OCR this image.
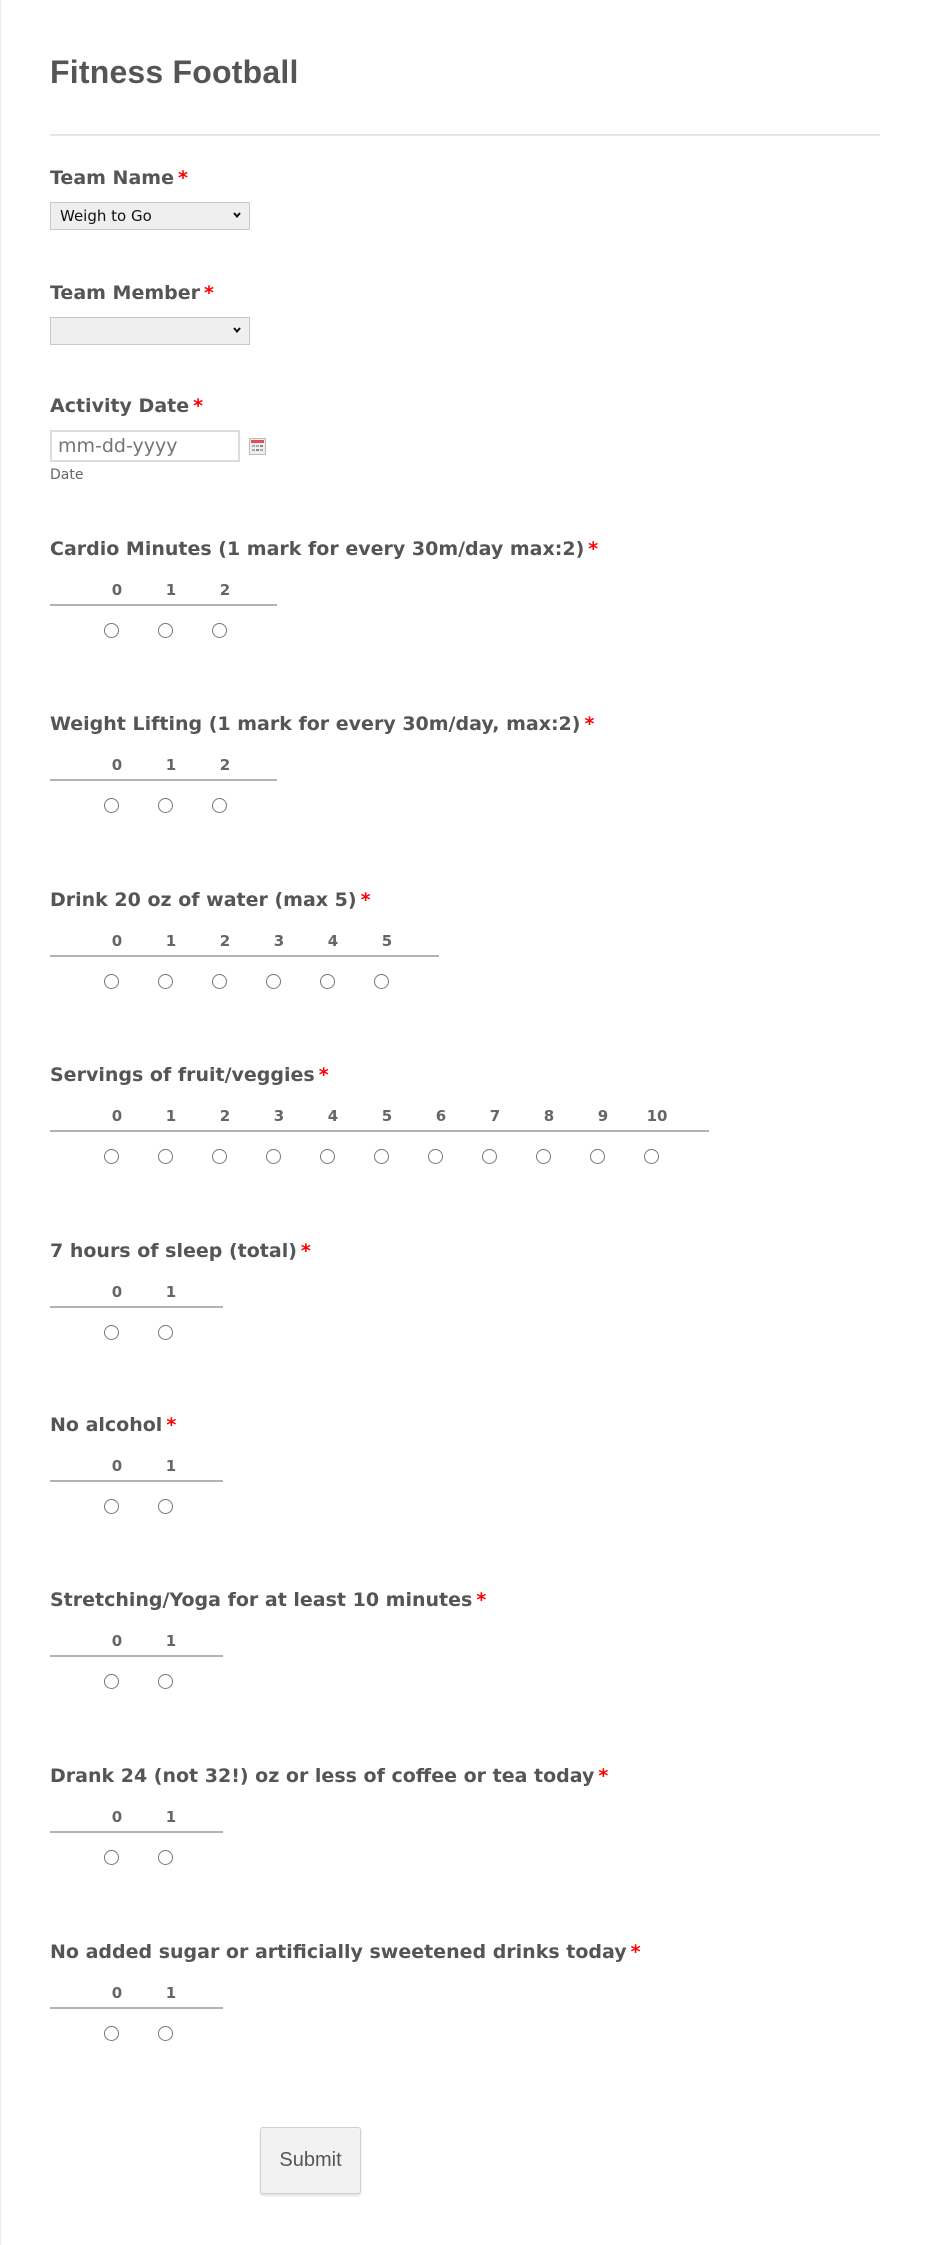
Fitness Football
Team Name *
Weigh to Go
Team Member *
Activity Date *
mm-dd-yyyy
Date
Cardio Minutes (1 mark for every 30m/day max:2) *
0	1	2
Weight Lifting (1 mark for every 30m/day, max:2) *
0	1	2
Drink 20 oz of water (max 5) *
0	1	2	3	4	5
Servings of fruit/veggies *
0	1	2	3	4	5	6	7	8	9	10
7 hours of sleep (total) *
0	1
No alcohol *
0	1
Stretching/Yoga for at least 10 minutes *
0	1
Drank 24 (not 32!) oz or less of coffee or tea today *
0	1
No added sugar or artificially sweetened drinks today *
0	1
Submit
